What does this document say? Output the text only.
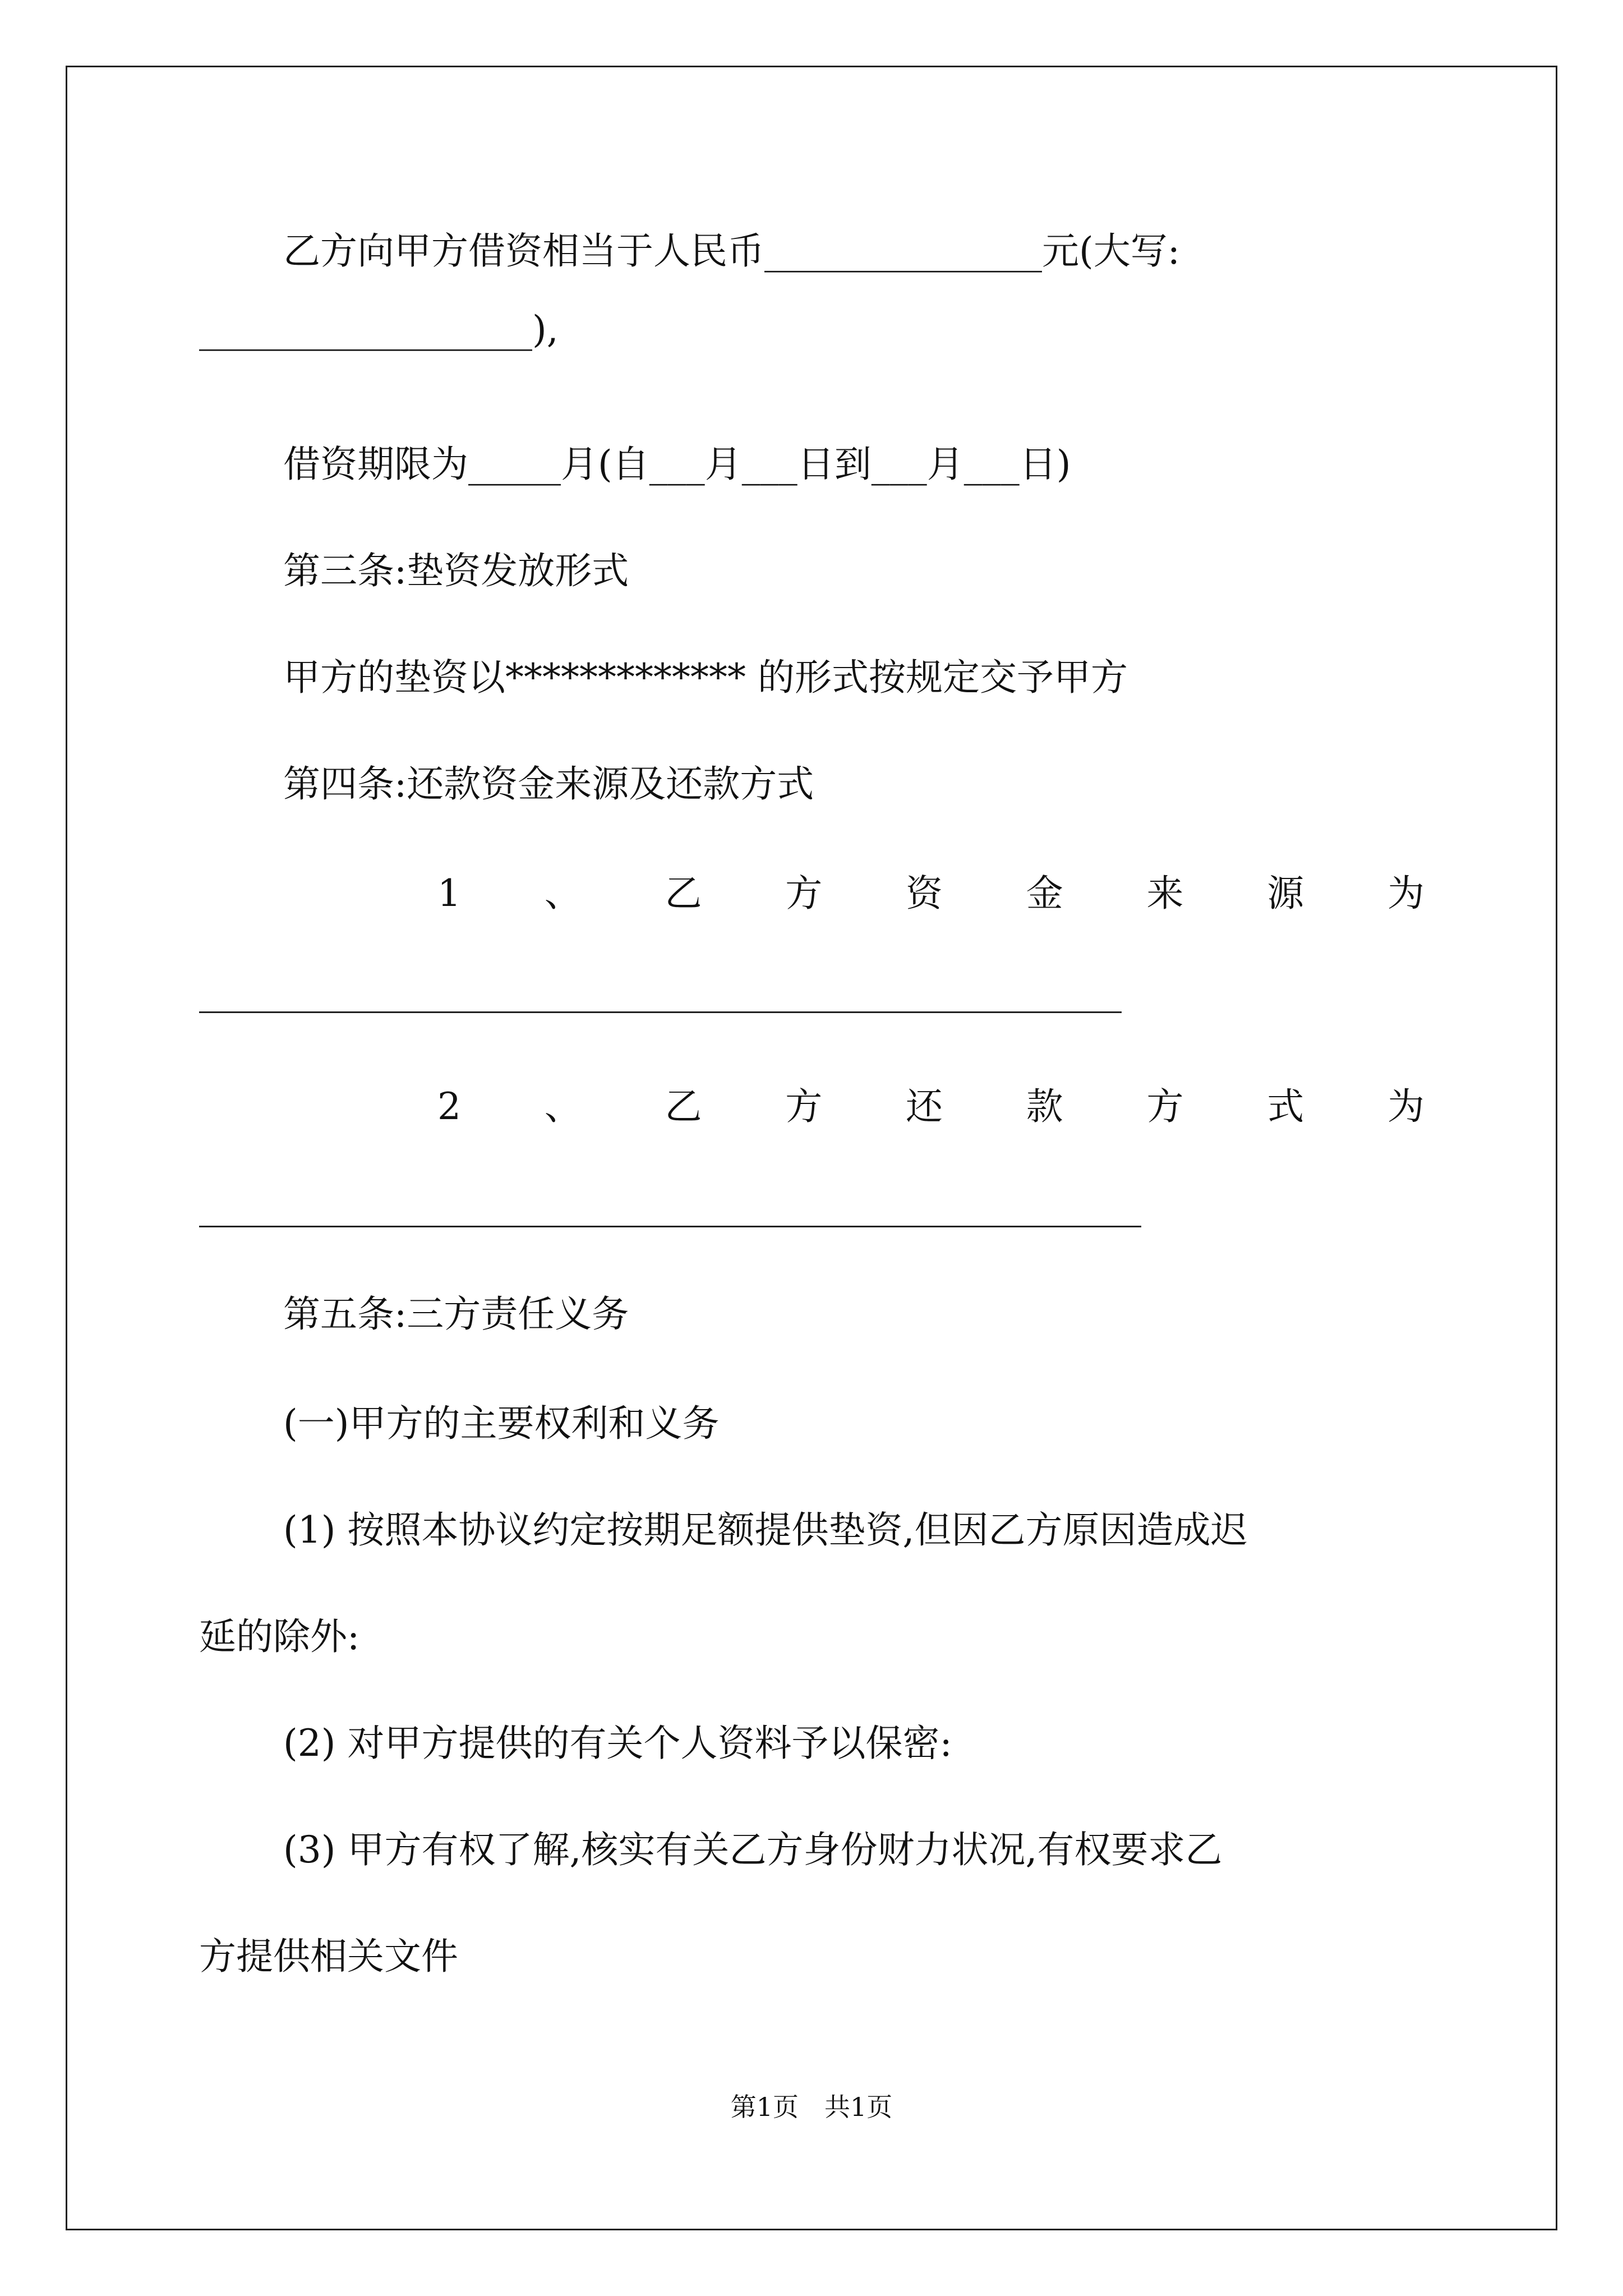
乙方向甲方借资相当于人民币_______________元(大写:
__________________),
借资期限为_____月(自___月___日到___月___日)
第三条:垫资发放形式
甲方的垫资以************* 的形式按规定交予甲方
第四条:还款资金来源及还款方式
1 、 乙 方 资 金 来 源 为
2 、 乙 方 还 款 方 式 为
第五条:三方责任义务
(一)甲方的主要权利和义务
(1) 按照本协议约定按期足额提供垫资,但因乙方原因造成迟
延的除外:
(2) 对甲方提供的有关个人资料予以保密:
(3) 甲方有权了解,核实有关乙方身份财力状况,有权要求乙
方提供相关文件
第1页　共1页
